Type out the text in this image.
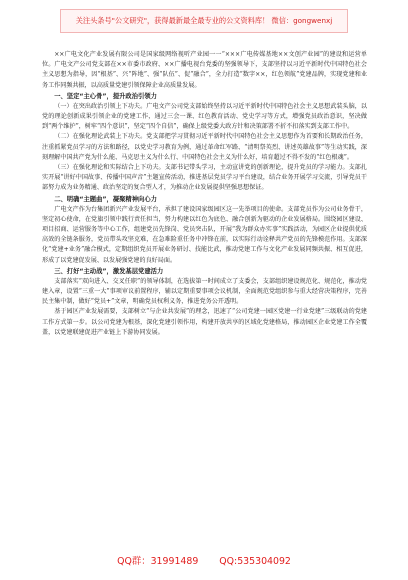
关注头条号"公文研究"，获得最新最全最专业的公文资料库！ 微信：gongwenxj

××广电文化产业发展有限公司是国家级网络视听产业园一一“×××广电传媒基地××文创产业园”的建设和运营单位。广电文产公司党支部在××市委市政府、××广播电视台党委的坚强领导下，支部坚持以习近平新时代中国特色社会主义思想为指导，因“根基”、兴“阵地”、强“队伍”、促“融合”，全力打造“数字××，红色领航”党建品牌，实现党建和业务工作同频共振，以高质量党建引领保障企业高质量发展。

一、坚定“主心骨”，提升政治引领力

（一）在突出政治引领上下功夫。广电文产公司党支部始终坚持以习近平新时代中国特色社会主义思想武装头脑，以党的理论创新成果引领企业的党建工作，通过三会一课、红色教育活动、党史学习等方式，增强党员政治意识，坚决做到“两个维护”，树牢“四个意识”，坚定“四个自信”，确保上级党委大政方针和决策部署不折不扣落实到支部工作中。

（二）在强化理论武装上下功夫。党支部把学习贯彻习近平新时代中国特色社会主义思想作为首要和长期政治任务，注重抓紧党员学习的方法和路径，以党史学习教育为例，通过革命红军路、“清明祭英烈、讲述英雄故事”等生动实践，深刻理解中国共产党为什么能、马克思主义为什么行、中国特色社会主义为什么好，培育超过不得不发的“红色根魂”。

（三）在强化理论和实际结合上下功夫。支部书记带头学习，主动宣讲党的创新理论，提升党员的学习能力。支部扎实开展“讲好中国故事、传播中国声音”主题宣传活动，推进基层党员学习平台建设，结合业务开展学习交流，引导党员干部努力成为业务精通、政治坚定的复合型人才，为推动企业发展提供坚强思想保证。

二、明确“主题曲”，凝聚精神向心力

广电文产作为台集团新兴产业发展平台，承担了建设国家级园区这一先举项目的使命。支部党员作为公司业务骨干，坚定初心使命，在党旗引领中践行责任担当，努力构建以红色为底色、融合创新为驱动的企业发展格局。围绕园区建设、项目招商、运营服务等中心工作，组建党员先锋岗、党员突击队，开展“我为群众办实事”实践活动，为园区企业提供优质高效的全链条服务，党员带头攻坚克难，在急难险重任务中冲锋在前，以实际行动诠释共产党员的先锋模范作用。支部深化“党建+业务”融合模式，定期组织党员开展业务研讨、技能比武，推动党建工作与文化产业发展同频共振、相互促进，形成了以党建促发展、以发展强党建的良好局面。

三、打好“主动战”，激发基层党建活力

支部落实“双向进入、交叉任职”的领导体制，在选拔第一时间成立了支委会，支部组织建设规范化、规范化，推动党建入章，设置“三重一大”事项审议前置程序，辅以定期重要事项会议机制，全面规范党组织参与重大经营决策程序，完善民主集中制，做好“党员+”文章，明确党员权利义务，推进党务公开透明。

基于园区产业发展需要，支部树立“与企业共发展”的理念，迅速了“公司党建一园区党建一行业党建”三级联动的党建工作方式第一步。以公司党建为根基，深化党建引领作用，构建开放共享的区域化党建格局，推动园区企业党建工作全覆盖，以党建联建促进产业链上下游协同发展。

QQ群：31991489 QQ:535304092
